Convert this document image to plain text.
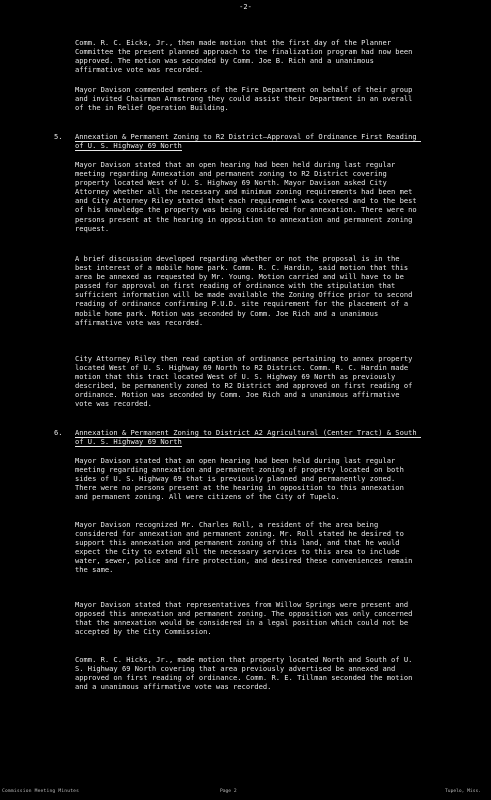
-2-

Comm. R. C. Eicks, Jr., then made motion that the first day of the Planner Committee the present planned approach to the finalization program had now been approved. The motion was seconded by Comm. Joe B. Rich and a unanimous affirmative vote was recorded.

Mayor Davison commended members of the Fire Department on behalf of their group and invited Chairman Armstrong they could assist their Department in an overall of the in Relief Operation Building.

5. Annexation & Permanent Zoning to R2 District—Approval of Ordinance First Reading of U. S. Highway 69 North

Mayor Davison stated that an open hearing had been held during last regular meeting regarding Annexation and permanent zoning to R2 District covering property located West of U. S. Highway 69 North. Mayor Davison asked City Attorney whether all the necessary and minimum zoning requirements had been met and City Attorney Riley stated that each requirement was covered and to the best of his knowledge the property was being considered for annexation. There were no persons present at the hearing in opposition to annexation and permanent zoning request.

A brief discussion developed regarding whether or not the proposal is in the best interest of a mobile home park. Comm. R. C. Hardin, said motion that this area be annexed as requested by Mr. Young. Motion carried and will have to be passed for approval on first reading of ordinance with the stipulation that sufficient information will be made available the Zoning Office prior to second reading of ordinance confirming P.U.D. site requirement for the placement of a mobile home park. Motion was seconded by Comm. Joe Rich and a unanimous affirmative vote was recorded.

City Attorney Riley then read caption of ordinance pertaining to annex property located West of U. S. Highway 69 North to R2 District. Comm. R. C. Hardin made motion that this tract located West of U. S. Highway 69 North as previously described, be permanently zoned to R2 District and approved on first reading of ordinance. Motion was seconded by Comm. Joe Rich and a unanimous affirmative vote was recorded.

6. Annexation & Permanent Zoning to District A2 Agricultural (Center Tract) & South of U. S. Highway 69 North

Mayor Davison stated that an open hearing had been held during last regular meeting regarding annexation and permanent zoning of property located on both sides of U. S. Highway 69 that is previously planned and permanently zoned. There were no persons present at the hearing in opposition to this annexation and permanent zoning. All were citizens of the City of Tupelo.

Mayor Davison recognized Mr. Charles Roll, a resident of the area being considered for annexation and permanent zoning. Mr. Roll stated he desired to support this annexation and permanent zoning of this land, and that he would expect the City to extend all the necessary services to this area to include water, sewer, police and fire protection, and desired these conveniences remain the same.

Mayor Davison stated that representatives from Willow Springs were present and opposed this annexation and permanent zoning. The opposition was only concerned that the annexation would be considered in a legal position which could not be accepted by the City Commission.

Comm. R. C. Hicks, Jr., made motion that property located North and South of U. S. Highway 69 North covering that area previously advertised be annexed and approved on first reading of ordinance. Comm. R. E. Tillman seconded the motion and a unanimous affirmative vote was recorded.

Commission Meeting Minutes	Page 2	Tupelo, Miss.
